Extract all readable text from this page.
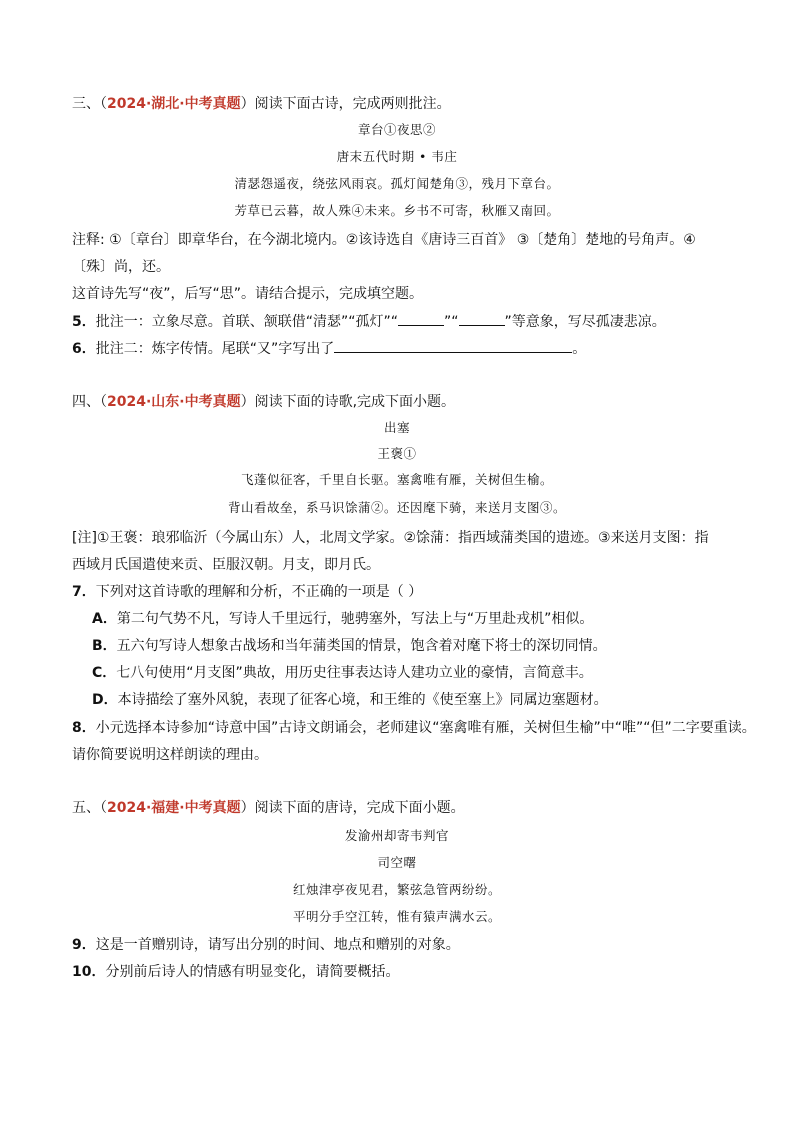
三、（2024·湖北·中考真题）阅读下面古诗，完成两则批注。
章台①夜思②
唐末五代时期 • 韦庄
清瑟怨遥夜，绕弦风雨哀。孤灯闻楚角③，残月下章台。
芳草已云暮，故人殊④未来。乡书不可寄，秋雁又南回。
注释: ①〔章台〕即章华台，在今湖北境内。②该诗选自《唐诗三百首》 ③〔楚角〕楚地的号角声。④
〔殊〕尚，还。
这首诗先写“夜”，后写“思”。请结合提示，完成填空题。
5．批注一：立象尽意。首联、颔联借“清瑟”“孤灯”“	”“	”等意象，写尽孤凄悲凉。
6．批注二：炼字传情。尾联“又”字写出了	。
四、（2024·山东·中考真题）阅读下面的诗歌,完成下面小题。
出塞
王褒①
飞蓬似征客，千里自长驱。塞禽唯有雁，关树但生榆。
背山看故垒，系马识馀蒲②。还因麾下骑，来送月支图③。
[注]①王褒：琅邪临沂（今属山东）人，北周文学家。②馀蒲：指西域蒲类国的遗迹。③来送月支图：指
西域月氏国遣使来贡、臣服汉朝。月支，即月氏。
7．下列对这首诗歌的理解和分析，不正确的一项是（ ）
A．第二句气势不凡，写诗人千里远行，驰骋塞外，写法上与“万里赴戎机”相似。
B．五六句写诗人想象古战场和当年蒲类国的情景，饱含着对麾下将士的深切同情。
C．七八句使用“月支图”典故，用历史往事表达诗人建功立业的豪情，言简意丰。
D．本诗描绘了塞外风貌，表现了征客心境，和王维的《使至塞上》同属边塞题材。
8．小元选择本诗参加“诗意中国”古诗文朗诵会，老师建议“塞禽唯有雁，关树但生榆”中“唯”“但”二字要重读。
请你简要说明这样朗读的理由。
五、（2024·福建·中考真题）阅读下面的唐诗，完成下面小题。
发渝州却寄韦判官
司空曙
红烛津亭夜见君，繁弦急管两纷纷。
平明分手空江转，惟有猿声满水云。
9．这是一首赠别诗，请写出分别的时间、地点和赠别的对象。
10．分别前后诗人的情感有明显变化，请简要概括。
